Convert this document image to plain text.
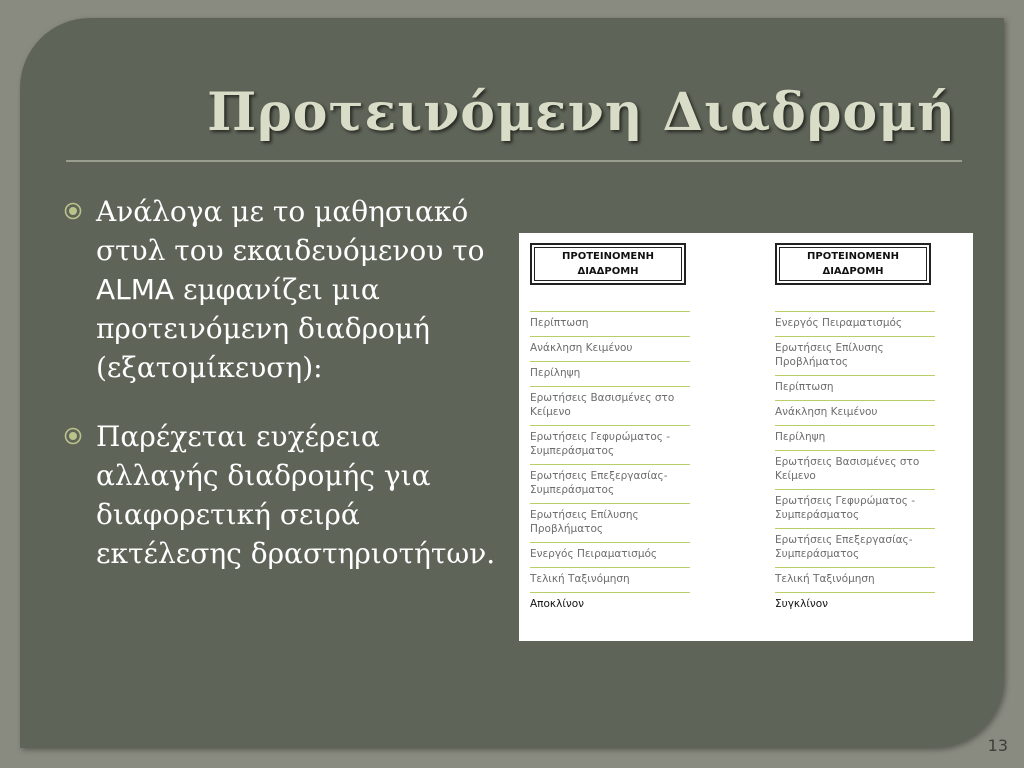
Προτεινόμενη Διαδρομή
Ανάλογα με το μαθησιακό στυλ του εκαιδευόμενου το ALMA εμφανίζει μια προτεινόμενη διαδρομή (εξατομίκευση):
Παρέχεται ευχέρεια αλλαγής διαδρομής για διαφορετική σειρά εκτέλεσης δραστηριοτήτων.
ΠΡΟΤΕΙΝΟΜΕΝΗ
ΔΙΑΔΡΟΜΗ
Περίπτωση
Ανάκληση Κειμένου
Περίληψη
Ερωτήσεις Βασισμένες στο Κείμενο
Ερωτήσεις Γεφυρώματος - Συμπεράσματος
Ερωτήσεις Επεξεργασίας- Συμπεράσματος
Ερωτήσεις Επίλυσης Προβλήματος
Ενεργός Πειραματισμός
Τελική Ταξινόμηση
Αποκλίνον
ΠΡΟΤΕΙΝΟΜΕΝΗ
ΔΙΑΔΡΟΜΗ
Ενεργός Πειραματισμός
Ερωτήσεις Επίλυσης Προβλήματος
Περίπτωση
Ανάκληση Κειμένου
Περίληψη
Ερωτήσεις Βασισμένες στο Κείμενο
Ερωτήσεις Γεφυρώματος - Συμπεράσματος
Ερωτήσεις Επεξεργασίας- Συμπεράσματος
Τελική Ταξινόμηση
Συγκλίνον
13
